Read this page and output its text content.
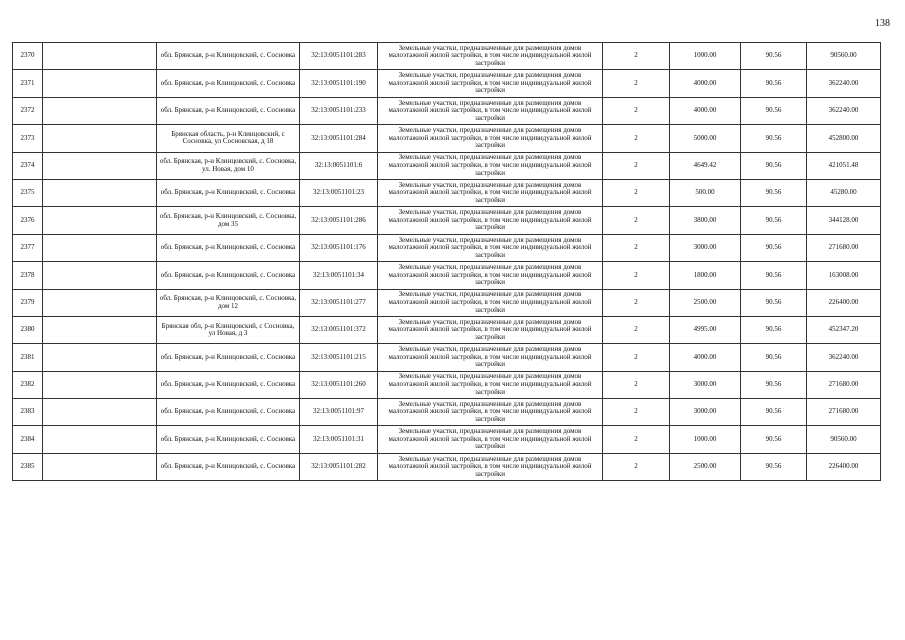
138
2370		обл. Брянская, р-н Клинцовский, с. Сосновка	32:13:0051101:283	Земельные участки, предназначенные для размещения домов малоэтажной жилой застройки, в том числе индивидуальной жилой застройки	2	1000.00	90.56	90560.00
2371		обл. Брянская, р-н Клинцовский, с. Сосновка	32:13:0051101:190	Земельные участки, предназначенные для размещения домов малоэтажной жилой застройки, в том числе индивидуальной жилой застройки	2	4000.00	90.56	362240.00
2372		обл. Брянская, р-н Клинцовский, с. Сосновка	32:13:0051101:233	Земельные участки, предназначенные для размещения домов малоэтажной жилой застройки, в том числе индивидуальной жилой застройки	2	4000.00	90.56	362240.00
2373		Брянская область, р-н Клинцовский, с Сосновка, ул Сосновская, д 18	32:13:0051101:284	Земельные участки, предназначенные для размещения домов малоэтажной жилой застройки, в том числе индивидуальной жилой застройки	2	5000.00	90.56	452800.00
2374		обл. Брянская, р-н Клинцовский, с. Сосновка, ул. Новая, дом 10	32:13:0051101:6	Земельные участки, предназначенные для размещения домов малоэтажной жилой застройки, в том числе индивидуальной жилой застройки	2	4649.42	90.56	421051.48
2375		обл. Брянская, р-н Клинцовский, с. Сосновка	32:13:0051101:23	Земельные участки, предназначенные для размещения домов малоэтажной жилой застройки, в том числе индивидуальной жилой застройки	2	500.00	90.56	45280.00
2376		обл. Брянская, р-н Клинцовский, с. Сосновка, дом 35	32:13:0051101:286	Земельные участки, предназначенные для размещения домов малоэтажной жилой застройки, в том числе индивидуальной жилой застройки	2	3800.00	90.56	344128.00
2377		обл. Брянская, р-н Клинцовский, с. Сосновка	32:13:0051101:176	Земельные участки, предназначенные для размещения домов малоэтажной жилой застройки, в том числе индивидуальной жилой застройки	2	3000.00	90.56	271680.00
2378		обл. Брянская, р-н Клинцовский, с. Сосновка	32:13:0051101:34	Земельные участки, предназначенные для размещения домов малоэтажной жилой застройки, в том числе индивидуальной жилой застройки	2	1800.00	90.56	163008.00
2379		обл. Брянская, р-н Клинцовский, с. Сосновка, дом 12	32:13:0051101:277	Земельные участки, предназначенные для размещения домов малоэтажной жилой застройки, в том числе индивидуальной жилой застройки	2	2500.00	90.56	226400.00
2380		Брянская обл, р-н Клинцовский, с Сосновка, ул Новая, д 3	32:13:0051101:372	Земельные участки, предназначенные для размещения домов малоэтажной жилой застройки, в том числе индивидуальной жилой застройки	2	4995.00	90.56	452347.20
2381		обл. Брянская, р-н Клинцовский, с. Сосновка	32:13:0051101:215	Земельные участки, предназначенные для размещения домов малоэтажной жилой застройки, в том числе индивидуальной жилой застройки	2	4000.00	90.56	362240.00
2382		обл. Брянская, р-н Клинцовский, с. Сосновка	32:13:0051101:260	Земельные участки, предназначенные для размещения домов малоэтажной жилой застройки, в том числе индивидуальной жилой застройки	2	3000.00	90.56	271680.00
2383		обл. Брянская, р-н Клинцовский, с. Сосновка	32:13:0051101:97	Земельные участки, предназначенные для размещения домов малоэтажной жилой застройки, в том числе индивидуальной жилой застройки	2	3000.00	90.56	271680.00
2384		обл. Брянская, р-н Клинцовский, с. Сосновка	32:13:0051101:31	Земельные участки, предназначенные для размещения домов малоэтажной жилой застройки, в том числе индивидуальной жилой застройки	2	1000.00	90.56	90560.00
2385		обл. Брянская, р-н Клинцовский, с. Сосновка	32:13:0051101:282	Земельные участки, предназначенные для размещения домов малоэтажной жилой застройки, в том числе индивидуальной жилой застройки	2	2500.00	90.56	226400.00
